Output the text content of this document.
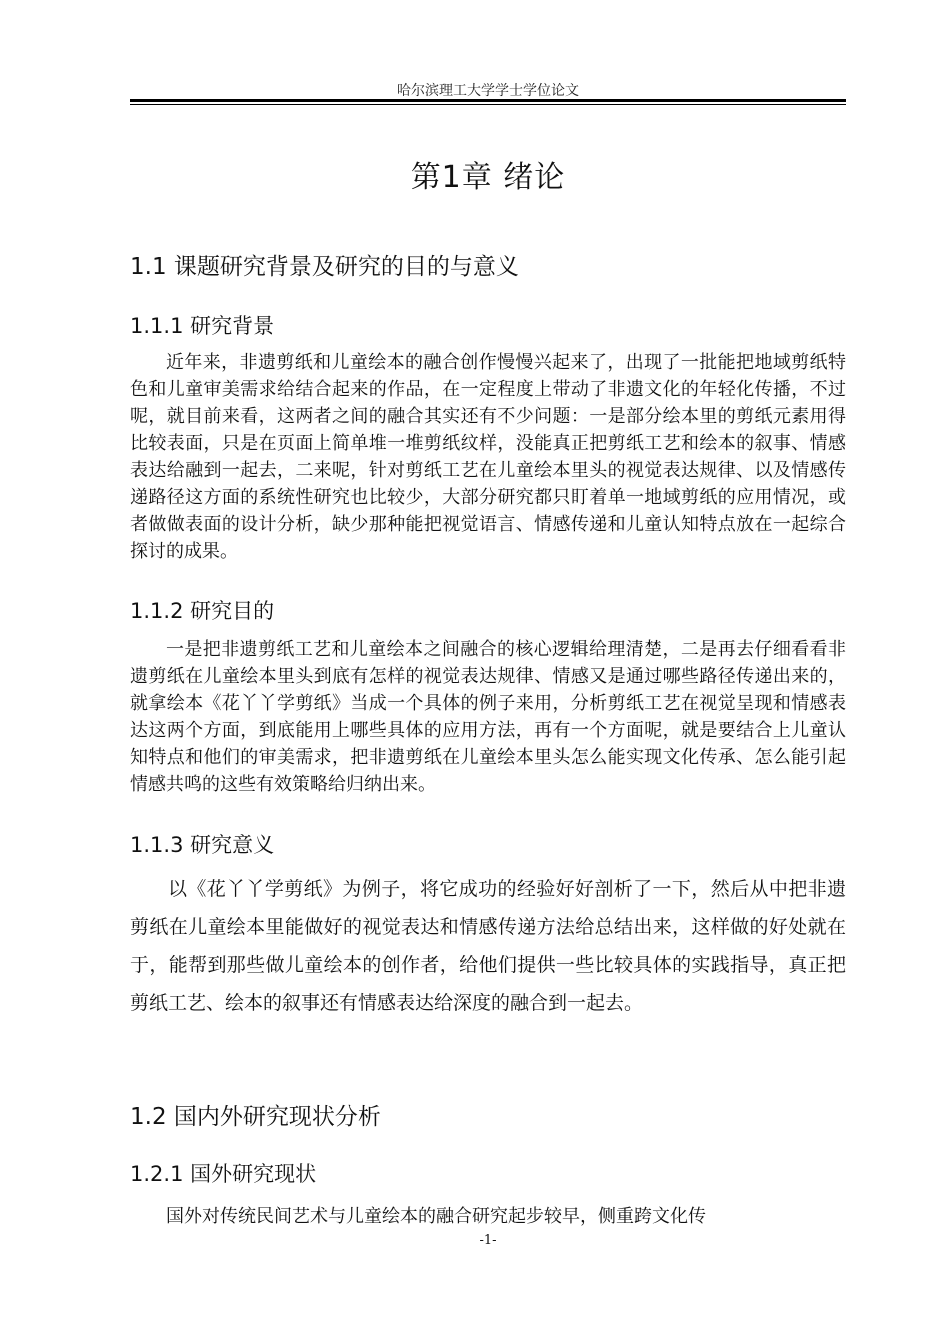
哈尔滨理工大学学士学位论文
第1章 绪论
1.1 课题研究背景及研究的目的与意义
1.1.1 研究背景

近年来，非遗剪纸和儿童绘本的融合创作慢慢兴起来了，出现了一批能把地域剪纸特色和儿童审美需求给结合起来的作品，在一定程度上带动了非遗文化的年轻化传播，不过呢，就目前来看，这两者之间的融合其实还有不少问题：一是部分绘本里的剪纸元素用得比较表面，只是在页面上简单堆一堆剪纸纹样，没能真正把剪纸工艺和绘本的叙事、情感表达给融到一起去，二来呢，针对剪纸工艺在儿童绘本里头的视觉表达规律、以及情感传递路径这方面的系统性研究也比较少，大部分研究都只盯着单一地域剪纸的应用情况，或者做做表面的设计分析，缺少那种能把视觉语言、情感传递和儿童认知特点放在一起综合探讨的成果。

1.1.2 研究目的

一是把非遗剪纸工艺和儿童绘本之间融合的核心逻辑给理清楚，二是再去仔细看看非遗剪纸在儿童绘本里头到底有怎样的视觉表达规律、情感又是通过哪些路径传递出来的，就拿绘本《花丫丫学剪纸》当成一个具体的例子来用，分析剪纸工艺在视觉呈现和情感表达这两个方面，到底能用上哪些具体的应用方法，再有一个方面呢，就是要结合上儿童认知特点和他们的审美需求，把非遗剪纸在儿童绘本里头怎么能实现文化传承、怎么能引起情感共鸣的这些有效策略给归纳出来。

1.1.3 研究意义

以《花丫丫学剪纸》为例子，将它成功的经验好好剖析了一下，然后从中把非遗剪纸在儿童绘本里能做好的视觉表达和情感传递方法给总结出来，这样做的好处就在于，能帮到那些做儿童绘本的创作者，给他们提供一些比较具体的实践指导，真正把剪纸工艺、绘本的叙事还有情感表达给深度的融合到一起去。

1.2 国内外研究现状分析
1.2.1 国外研究现状

国外对传统民间艺术与儿童绘本的融合研究起步较早，侧重跨文化传

-1-
